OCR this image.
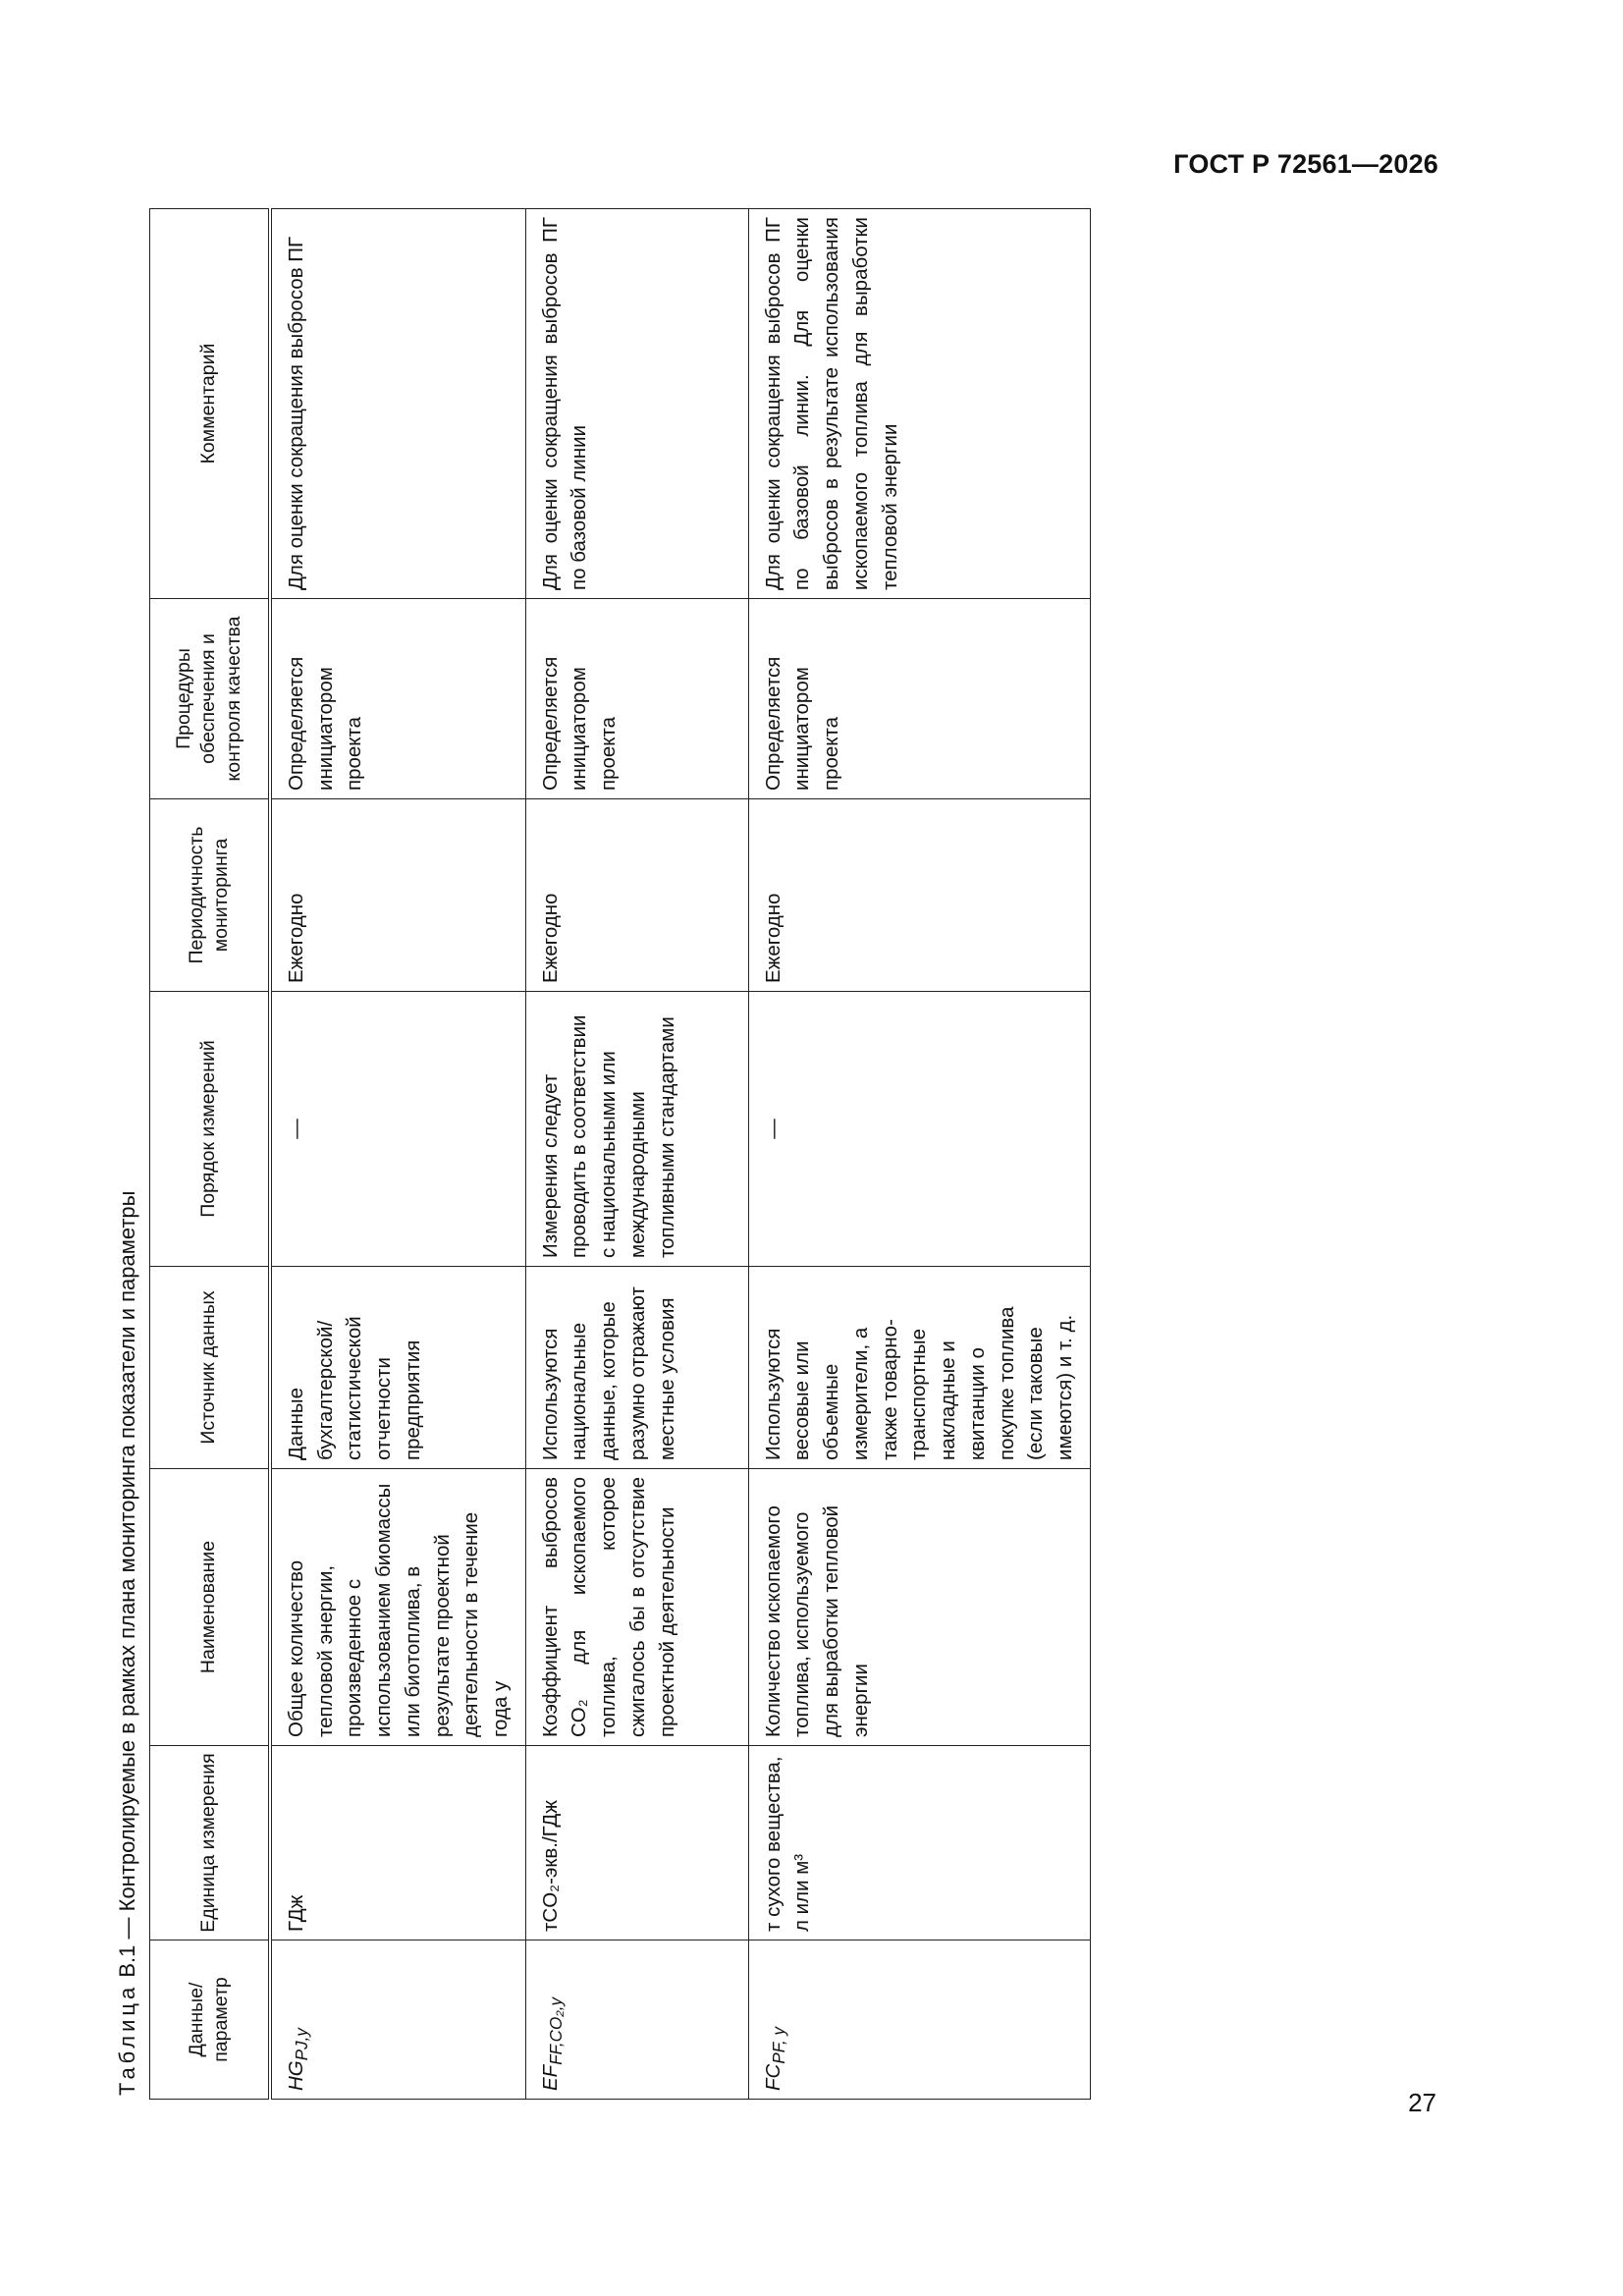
ГОСТ Р 72561—2026
Таблица В.1 — Контролируемые в рамках плана мониторинга показатели и параметры
Данные/ параметр	Единица измерения	Наименование	Источник данных	Порядок измерений	Периодичность мониторинга	Процедуры обеспечения и контроля качества	Комментарий
$HG_{PJ,y}$	ГДж	Общее количество тепловой энергии, произведенное с использованием биомассы или биотоплива, в результате проектной деятельности в течение года y	Данные бухгалтерской/ статистической отчетности предприятия	—	Ежегодно	Определяется инициатором проекта	Для оценки сокращения выбросов ПГ
$EF_{FF,CO_2,y}$	тCO₂-экв./ГДж	Коэффициент выбросов CO₂ для ископаемого топлива, которое сжигалось бы в отсутствие проектной деятельности	Используются национальные данные, которые разумно отражают местные условия	Измерения следует проводить в соответствии с национальными или международными топливными стандартами	Ежегодно	Определяется инициатором проекта	Для оценки сокращения выбросов ПГ по базовой линии
$FC_{PF, y}$	т сухого вещества, л или м³	Количество ископаемого топлива, используемого для выработки тепловой энергии	Используются весовые или объемные измерители, а также товарно-транспортные накладные и квитанции о покупке топлива (если таковые имеются) и т. д.	—	Ежегодно	Определяется инициатором проекта	Для оценки сокращения выбросов ПГ по базовой линии. Для оценки выбросов в результате использования ископаемого топлива для выработки тепловой энергии
27
